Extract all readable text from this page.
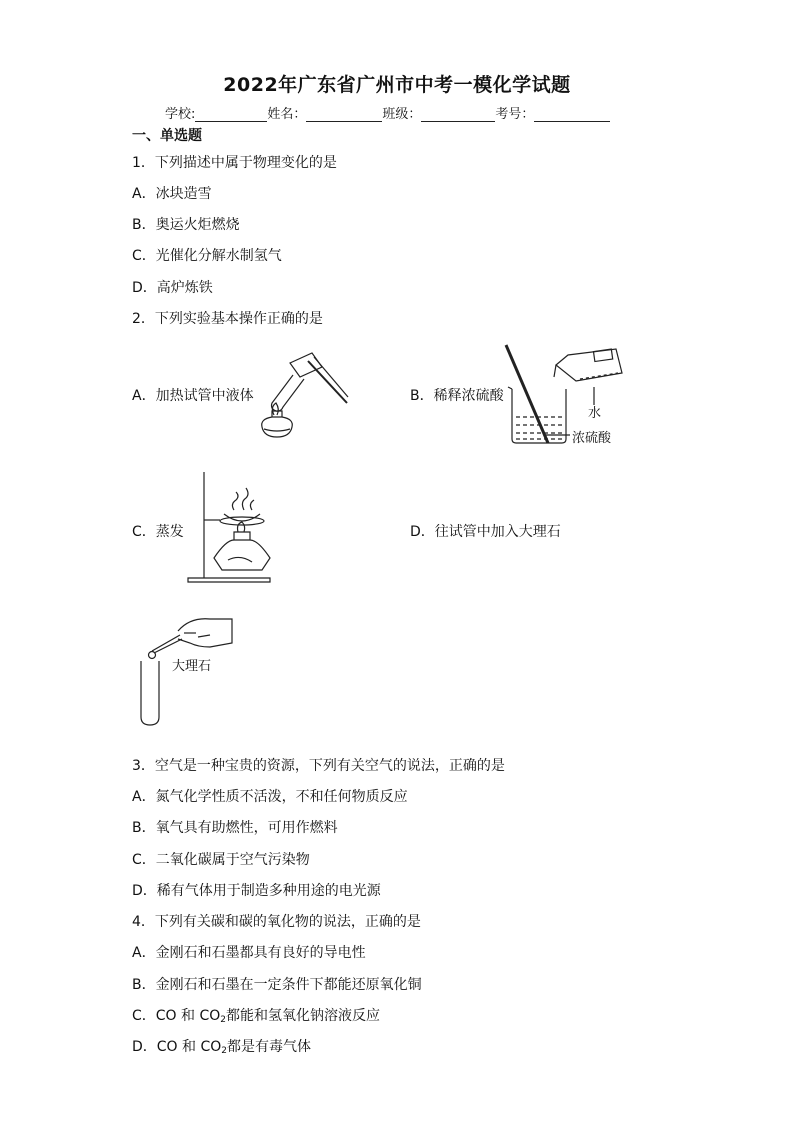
2022年广东省广州市中考一模化学试题
学校:	姓名：	班级：	考号：
一、单选题
1．下列描述中属于物理变化的是
A．冰块造雪
B．奥运火炬燃烧
C．光催化分解水制氢气
D．高炉炼铁
2．下列实验基本操作正确的是
A．加热试管中液体	B．稀释浓硫酸
水
浓硫酸
C．蒸发	D．往试管中加入大理石
大理石
3．空气是一种宝贵的资源，下列有关空气的说法，正确的是
A．氮气化学性质不活泼，不和任何物质反应
B．氧气具有助燃性，可用作燃料
C．二氧化碳属于空气污染物
D．稀有气体用于制造多种用途的电光源
4．下列有关碳和碳的氧化物的说法，正确的是
A．金刚石和石墨都具有良好的导电性
B．金刚石和石墨在一定条件下都能还原氧化铜
C．CO 和 $CO_2$都能和氢氧化钠溶液反应
D．CO 和 $CO_2$都是有毒气体
